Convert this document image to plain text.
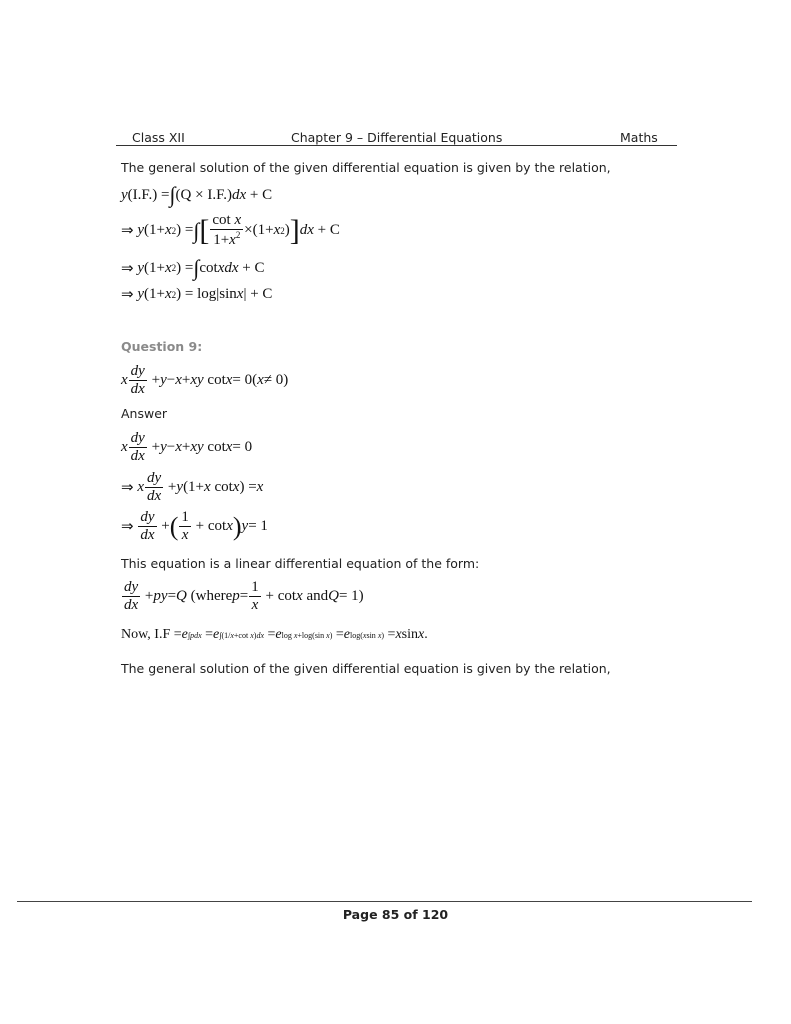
Class XII	Chapter 9 – Differential Equations	Maths
The general solution of the given differential equation is given by the relation,
y (I.F.) = ∫ (Q × I.F.) dx + C
⇒ y (1+ x 2 ) = ∫ [ $\frac{\text{cot x}}{1+x^2} \times(1+ x$ 2 ) ] dx + C
⇒ y (1+ x 2 ) = ∫ cot xdx + C
⇒ y (1+ x 2 ) = log|sin x | + C
Question 9:
x $\frac{dy}{dx} + y - x$ + xy cot x = 0( x ≠ 0)
Answer
x $\frac{dy}{dx} + y - x$ + xy cot x = 0
⇒ x $\frac{dy}{dx} + y$ (1+ x cot x ) = x
⇒ $\frac{dy}{dx}$ + ( $\frac{1}{x} + \cot x$ ) y = 1
This equation is a linear differential equation of the form:
$\frac{dy}{dx}$ + py = Q (where $p = \frac{1}{x} + \cot x$ and Q = 1)
Now, I.F = e ∫pdx = e ∫(1/x+cot x)dx = e log x+log(sin x) = e log(xsin x) = x sin x .
The general solution of the given differential equation is given by the relation,
Page 85 of 120
